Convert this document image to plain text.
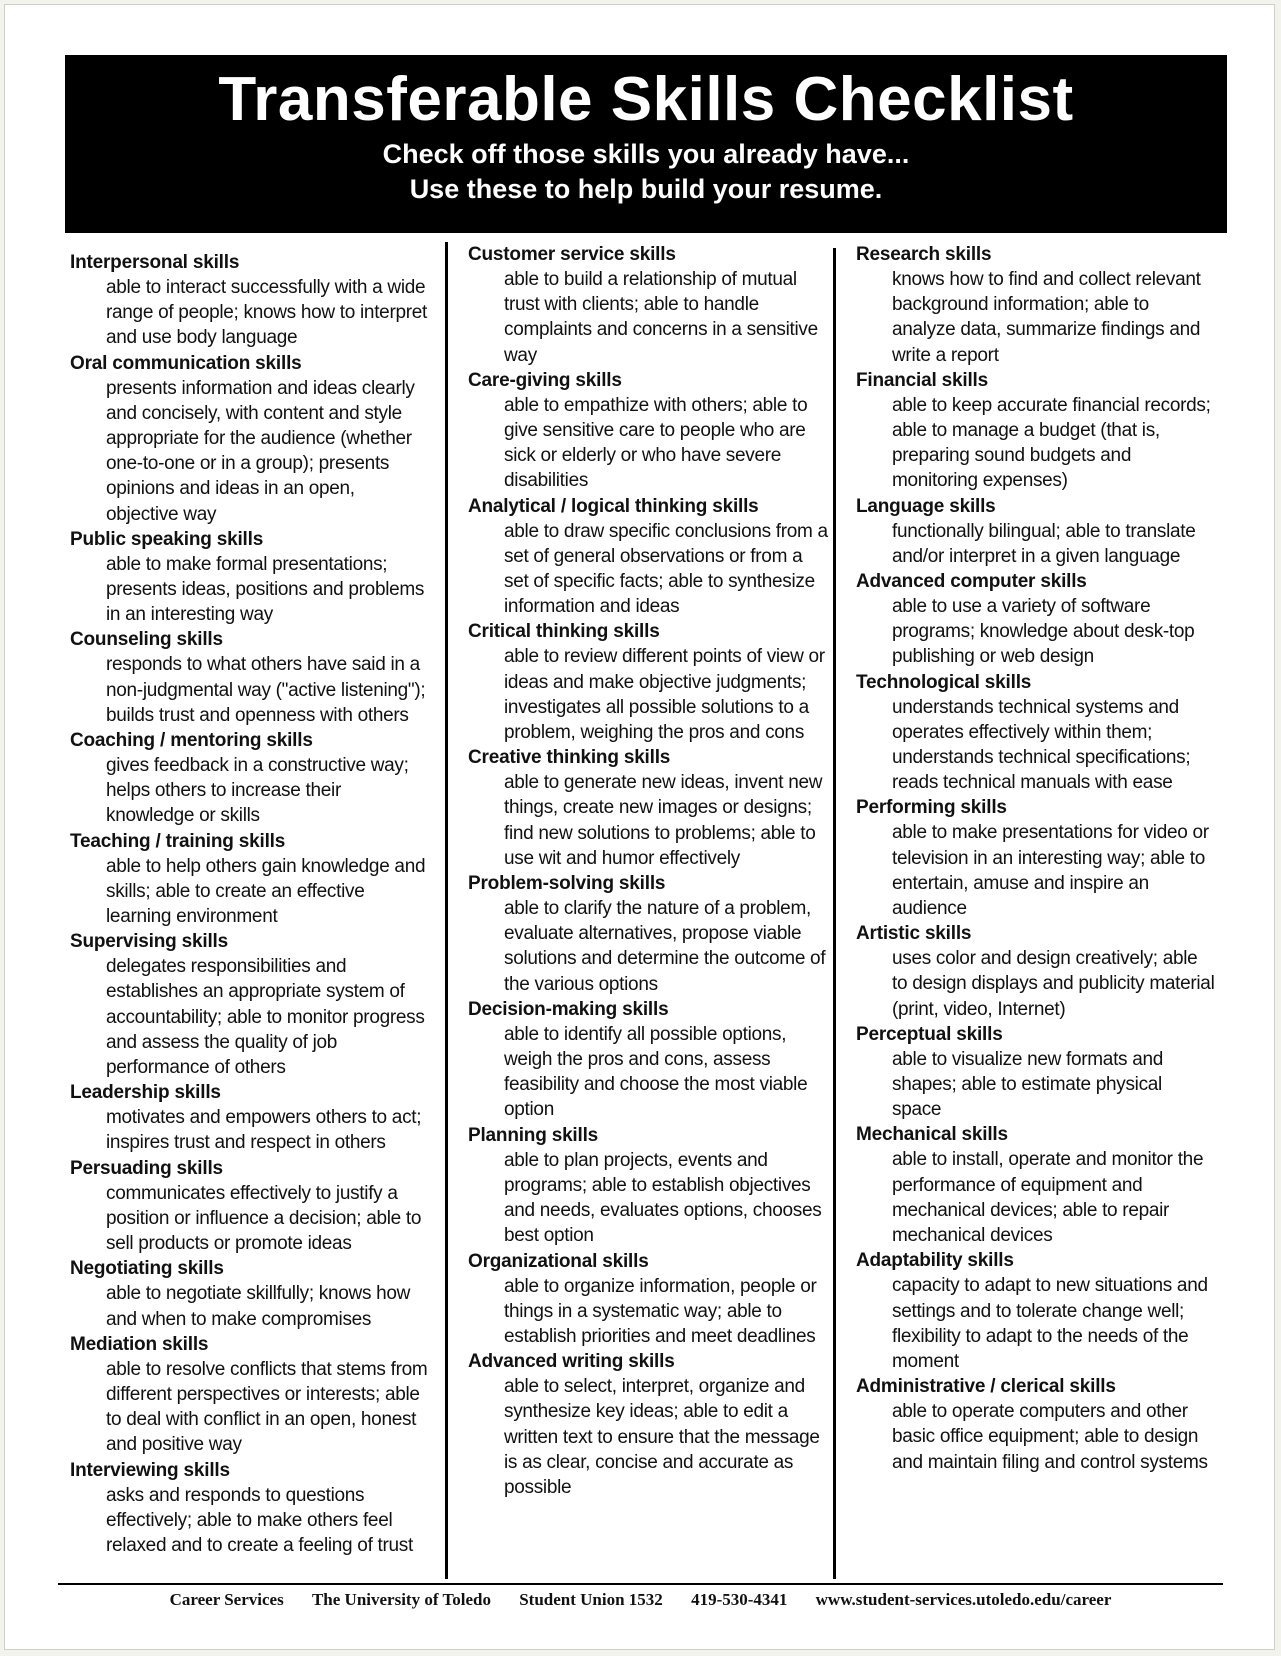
Transferable Skills Checklist

Check off those skills you already have...

Use these to help build your resume.

Interpersonal skills

able to interact successfully with a wide range of people; knows how to interpret and use body language

Oral communication skills

presents information and ideas clearly and concisely, with content and style appropriate for the audience (whether one-to-one or in a group); presents opinions and ideas in an open, objective way

Public speaking skills

able to make formal presentations; presents ideas, positions and problems in an interesting way

Counseling skills

responds to what others have said in a non-judgmental way ("active listening"); builds trust and openness with others

Coaching / mentoring skills

gives feedback in a constructive way; helps others to increase their knowledge or skills

Teaching / training skills

able to help others gain knowledge and skills; able to create an effective learning environment

Supervising skills

delegates responsibilities and establishes an appropriate system of accountability; able to monitor progress and assess the quality of job performance of others

Leadership skills

motivates and empowers others to act; inspires trust and respect in others

Persuading skills

communicates effectively to justify a position or influence a decision; able to sell products or promote ideas

Negotiating skills

able to negotiate skillfully; knows how and when to make compromises

Mediation skills

able to resolve conflicts that stems from different perspectives or interests; able to deal with conflict in an open, honest and positive way

Interviewing skills

asks and responds to questions effectively; able to make others feel relaxed and to create a feeling of trust

Customer service skills

able to build a relationship of mutual trust with clients; able to handle complaints and concerns in a sensitive way

Care-giving skills

able to empathize with others; able to give sensitive care to people who are sick or elderly or who have severe disabilities

Analytical / logical thinking skills

able to draw specific conclusions from a set of general observations or from a set of specific facts; able to synthesize information and ideas

Critical thinking skills

able to review different points of view or ideas and make objective judgments; investigates all possible solutions to a problem, weighing the pros and cons

Creative thinking skills

able to generate new ideas, invent new things, create new images or designs; find new solutions to problems; able to use wit and humor effectively

Problem-solving skills

able to clarify the nature of a problem, evaluate alternatives, propose viable solutions and determine the outcome of the various options

Decision-making skills

able to identify all possible options, weigh the pros and cons, assess feasibility and choose the most viable option

Planning skills

able to plan projects, events and programs; able to establish objectives and needs, evaluates options, chooses best option

Organizational skills

able to organize information, people or things in a systematic way; able to establish priorities and meet deadlines

Advanced writing skills

able to select, interpret, organize and synthesize key ideas; able to edit a written text to ensure that the message is as clear, concise and accurate as possible

Research skills

knows how to find and collect relevant background information; able to analyze data, summarize findings and write a report

Financial skills

able to keep accurate financial records; able to manage a budget (that is, preparing sound budgets and monitoring expenses)

Language skills

functionally bilingual; able to translate and/or interpret in a given language

Advanced computer skills

able to use a variety of software programs; knowledge about desk-top publishing or web design

Technological skills

understands technical systems and operates effectively within them; understands technical specifications; reads technical manuals with ease

Performing skills

able to make presentations for video or television in an interesting way; able to entertain, amuse and inspire an audience

Artistic skills

uses color and design creatively; able to design displays and publicity material (print, video, Internet)

Perceptual skills

able to visualize new formats and shapes; able to estimate physical space

Mechanical skills

able to install, operate and monitor the performance of equipment and mechanical devices; able to repair mechanical devices

Adaptability skills

capacity to adapt to new situations and settings and to tolerate change well; flexibility to adapt to the needs of the moment

Administrative / clerical skills

able to operate computers and other basic office equipment; able to design and maintain filing and control systems

Career Services The University of Toledo Student Union 1532 419-530-4341 www.student-services.utoledo.edu/career
